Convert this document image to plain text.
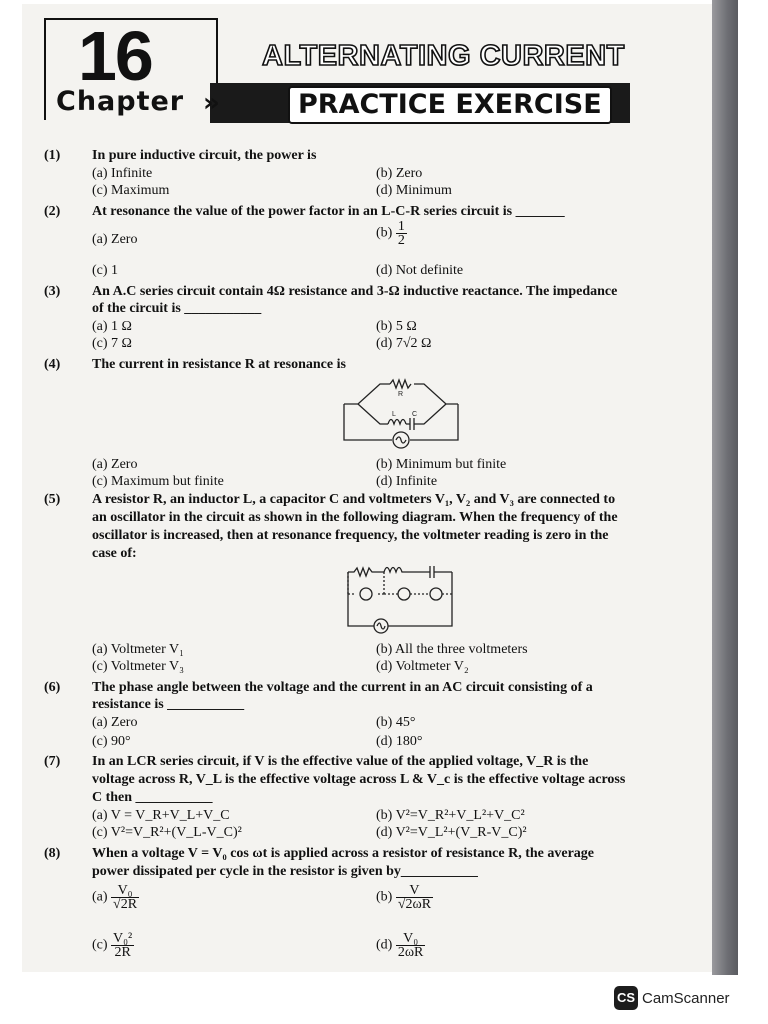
16
Chapter
ALTERNATING CURRENT
»	PRACTICE EXERCISE
(1) In pure inductive circuit, the power is
(a) Infinite	(b) Zero
(c) Maximum	(d) Minimum
(2) At resonance the value of the power factor in an L-C-R series circuit is _______
(a) Zero	$(b) \frac{1}{2}$
(c) 1	(d) Not definite
(3) An A.C series circuit contain 4Ω resistance and 3-Ω inductive reactance. The impedance
of the circuit is ___________
(a) 1 Ω	(b) 5 Ω
(c) 7 Ω	(d) 7√2 Ω
(4) The current in resistance R at resonance is
R
L C
(a) Zero	(b) Minimum but finite
(c) Maximum but finite	(d) Infinite
(5) A resistor R, an inductor L, a capacitor C and voltmeters V₁, V₂ and V₃ are connected to
an oscillator in the circuit as shown in the following diagram. When the frequency of the
oscillator is increased, then at resonance frequency, the voltmeter reading is zero in the
case of:
(a) Voltmeter V₁	(b) All the three voltmeters
(c) Voltmeter V₃	(d) Voltmeter V₂
(6) The phase angle between the voltage and the current in an AC circuit consisting of a
resistance is ___________
(a) Zero	(b) 45°
(c) 90°	(d) 180°
(7) In an LCR series circuit, if V is the effective value of the applied voltage, V_R is the
voltage across R, V_L is the effective voltage across L & V_c is the effective voltage across
C then ___________
(a) V = V_R+V_L+V_C	(b) V²=V_R²+V_L²+V_C²
(c) V²=V_R²+(V_L-V_C)²	(d) V²=V_L²+(V_R-V_C)²
(8) When a voltage V = V₀ cos ωt is applied across a resistor of resistance R, the average
power dissipated per cycle in the resistor is given by___________
$(a) \frac{\text{V₀}}{√2R}$	$(b) \frac{V}{√2\omega R}$
$(c) \frac{\text{V₀²}}{2R}$	$(d) \frac{\text{V₀}}{2\omega R}$
CS CamScanner
